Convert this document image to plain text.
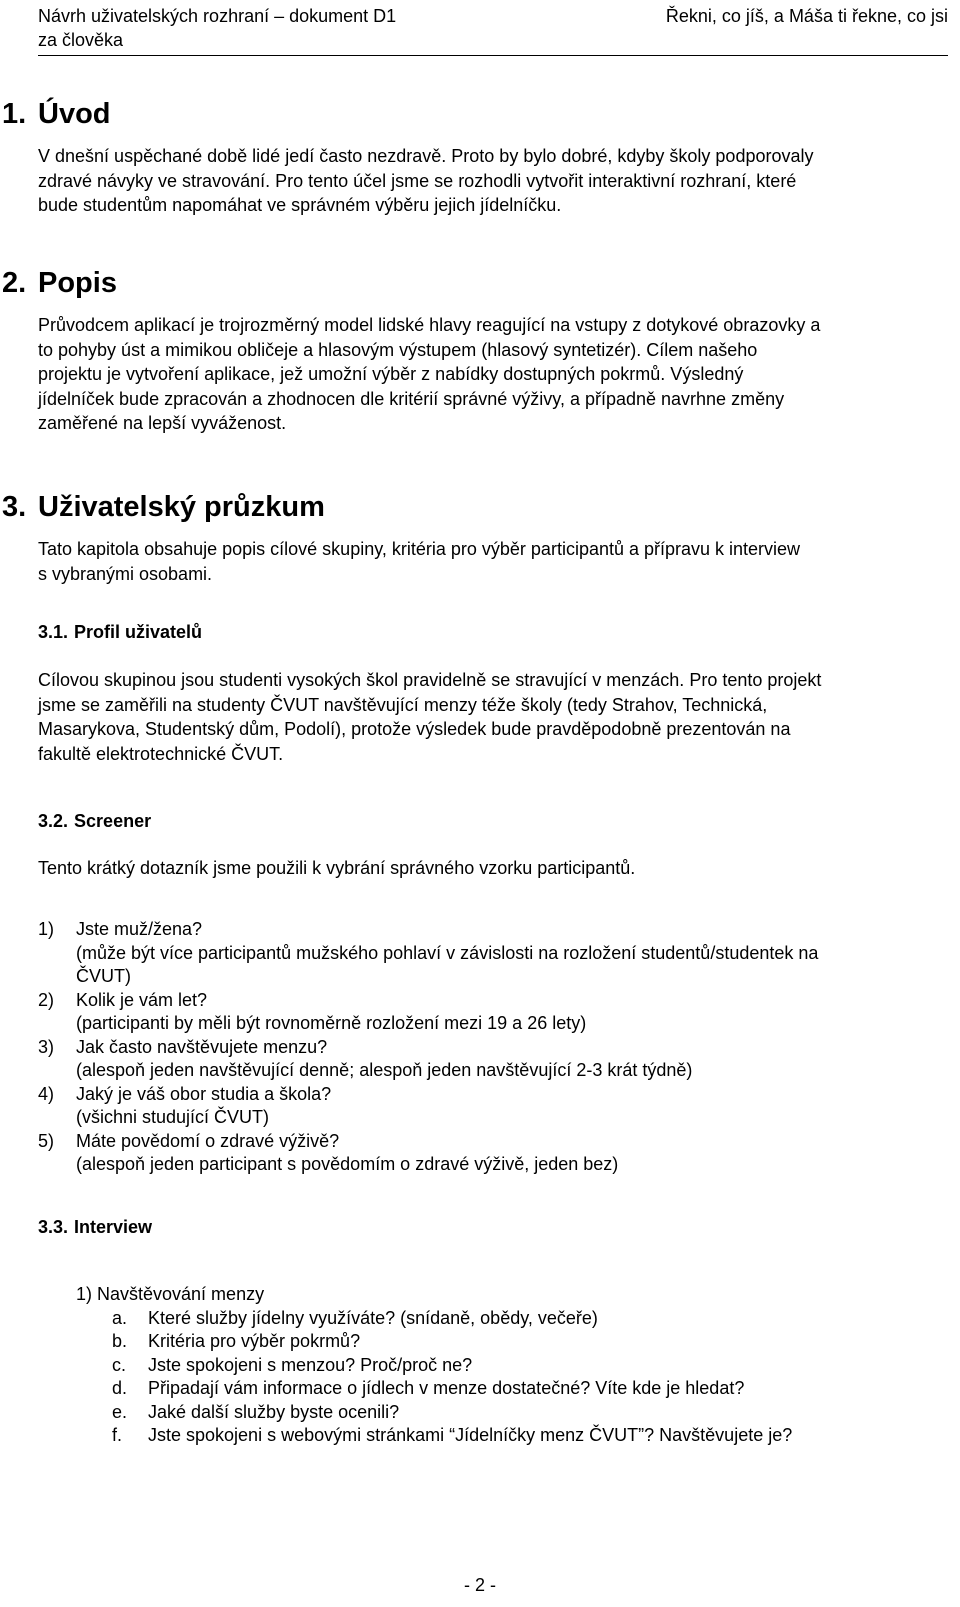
Návrh uživatelských rozhraní – dokument D1
za člověka
Řekni, co jíš, a Máša ti řekne, co jsi
1. Úvod
V dnešní uspěchané době lidé jedí často nezdravě. Proto by bylo dobré, kdyby školy podporovaly
zdravé návyky ve stravování. Pro tento účel jsme se rozhodli vytvořit interaktivní rozhraní, které
bude studentům napomáhat ve správném výběru jejich jídelníčku.
2. Popis
Průvodcem aplikací je trojrozměrný model lidské hlavy reagující na vstupy z dotykové obrazovky a
to pohyby úst a mimikou obličeje a hlasovým výstupem (hlasový syntetizér). Cílem našeho
projektu je vytvoření aplikace, jež umožní výběr z nabídky dostupných pokrmů. Výsledný
jídelníček bude zpracován a zhodnocen dle kritérií správné výživy, a případně navrhne změny
zaměřené na lepší vyváženost.
3. Uživatelský průzkum
Tato kapitola obsahuje popis cílové skupiny, kritéria pro výběr participantů a přípravu k interview
s vybranými osobami.
3.1. Profil uživatelů
Cílovou skupinou jsou studenti vysokých škol pravidelně se stravující v menzách. Pro tento projekt
jsme se zaměřili na studenty ČVUT navštěvující menzy téže školy (tedy Strahov, Technická,
Masarykova, Studentský dům, Podolí), protože výsledek bude pravděpodobně prezentován na
fakultě elektrotechnické ČVUT.
3.2. Screener
Tento krátký dotazník jsme použili k vybrání správného vzorku participantů.
1) Jste muž/žena?
(může být více participantů mužského pohlaví v závislosti na rozložení studentů/studentek na
ČVUT)
2) Kolik je vám let?
(participanti by měli být rovnoměrně rozložení mezi 19 a 26 lety)
3) Jak často navštěvujete menzu?
(alespoň jeden navštěvující denně; alespoň jeden navštěvující 2-3 krát týdně)
4) Jaký je váš obor studia a škola?
(všichni studující ČVUT)
5) Máte povědomí o zdravé výživě?
(alespoň jeden participant s povědomím o zdravé výživě, jeden bez)
3.3. Interview
1) Navštěvování menzy
a. Které služby jídelny využíváte? (snídaně, obědy, večeře)
b. Kritéria pro výběr pokrmů?
c. Jste spokojeni s menzou? Proč/proč ne?
d. Připadají vám informace o jídlech v menze dostatečné? Víte kde je hledat?
e. Jaké další služby byste ocenili?
f. Jste spokojeni s webovými stránkami “Jídelníčky menz ČVUT”? Navštěvujete je?
- 2 -
